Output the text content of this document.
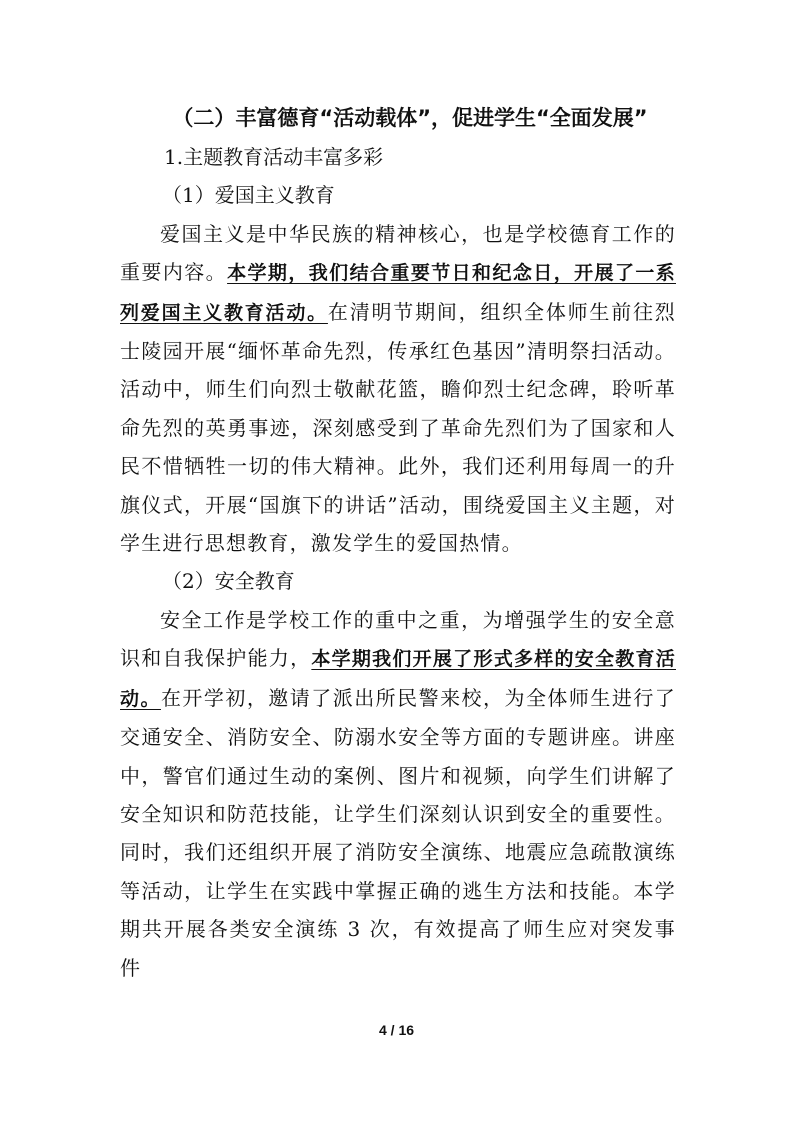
（二）丰富德育“活动载体”，促进学生“全面发展”

1.主题教育活动丰富多彩

（1）爱国主义教育

爱国主义是中华民族的精神核心，也是学校德育工作的重要内容。本学期，我们结合重要节日和纪念日，开展了一系列爱国主义教育活动。在清明节期间，组织全体师生前往烈士陵园开展“缅怀革命先烈，传承红色基因”清明祭扫活动。活动中，师生们向烈士敬献花篮，瞻仰烈士纪念碑，聆听革命先烈的英勇事迹，深刻感受到了革命先烈们为了国家和人民不惜牺牲一切的伟大精神。此外，我们还利用每周一的升旗仪式，开展“国旗下的讲话”活动，围绕爱国主义主题，对学生进行思想教育，激发学生的爱国热情。

（2）安全教育

安全工作是学校工作的重中之重，为增强学生的安全意识和自我保护能力，本学期我们开展了形式多样的安全教育活动。在开学初，邀请了派出所民警来校，为全体师生进行了交通安全、消防安全、防溺水安全等方面的专题讲座。讲座中，警官们通过生动的案例、图片和视频，向学生们讲解了安全知识和防范技能，让学生们深刻认识到安全的重要性。同时，我们还组织开展了消防安全演练、地震应急疏散演练等活动，让学生在实践中掌握正确的逃生方法和技能。本学期共开展各类安全演练 3 次，有效提高了师生应对突发事件

4 / 16
